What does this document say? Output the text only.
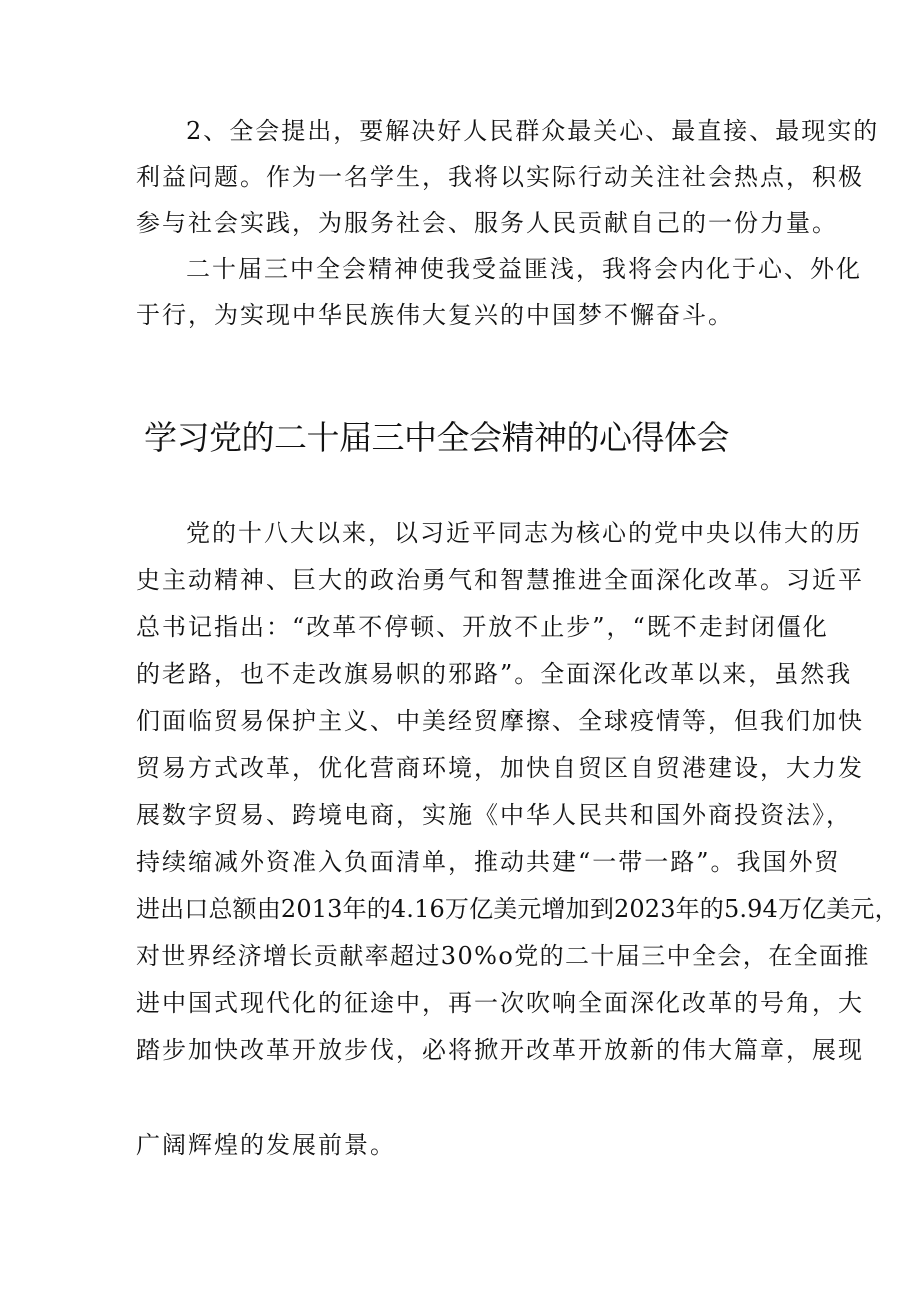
2、全会提出，要解决好人民群众最关心、最直接、最现实的
利益问题。作为一名学生，我将以实际行动关注社会热点，积极
参与社会实践，为服务社会、服务人民贡献自己的一份力量。
二十届三中全会精神使我受益匪浅，我将会内化于心、外化
于行，为实现中华民族伟大复兴的中国梦不懈奋斗。
学习党的二十届三中全会精神的心得体会
党的十八大以来，以习近平同志为核心的党中央以伟大的历
史主动精神、巨大的政治勇气和智慧推进全面深化改革。习近平
总书记指出：“改革不停顿、开放不止步”，“既不走封闭僵化
的老路，也不走改旗易帜的邪路”。全面深化改革以来，虽然我
们面临贸易保护主义、中美经贸摩擦、全球疫情等，但我们加快
贸易方式改革，优化营商环境，加快自贸区自贸港建设，大力发
展数字贸易、跨境电商，实施《中华人民共和国外商投资法》，
持续缩减外资准入负面清单，推动共建“一带一路”。我国外贸
进出口总额由2013年的4.16万亿美元增加到2023年的5.94万亿美元，
对世界经济增长贡献率超过30%o党的二十届三中全会，在全面推
进中国式现代化的征途中，再一次吹响全面深化改革的号角，大
踏步加快改革开放步伐，必将掀开改革开放新的伟大篇章，展现
广阔辉煌的发展前景。
